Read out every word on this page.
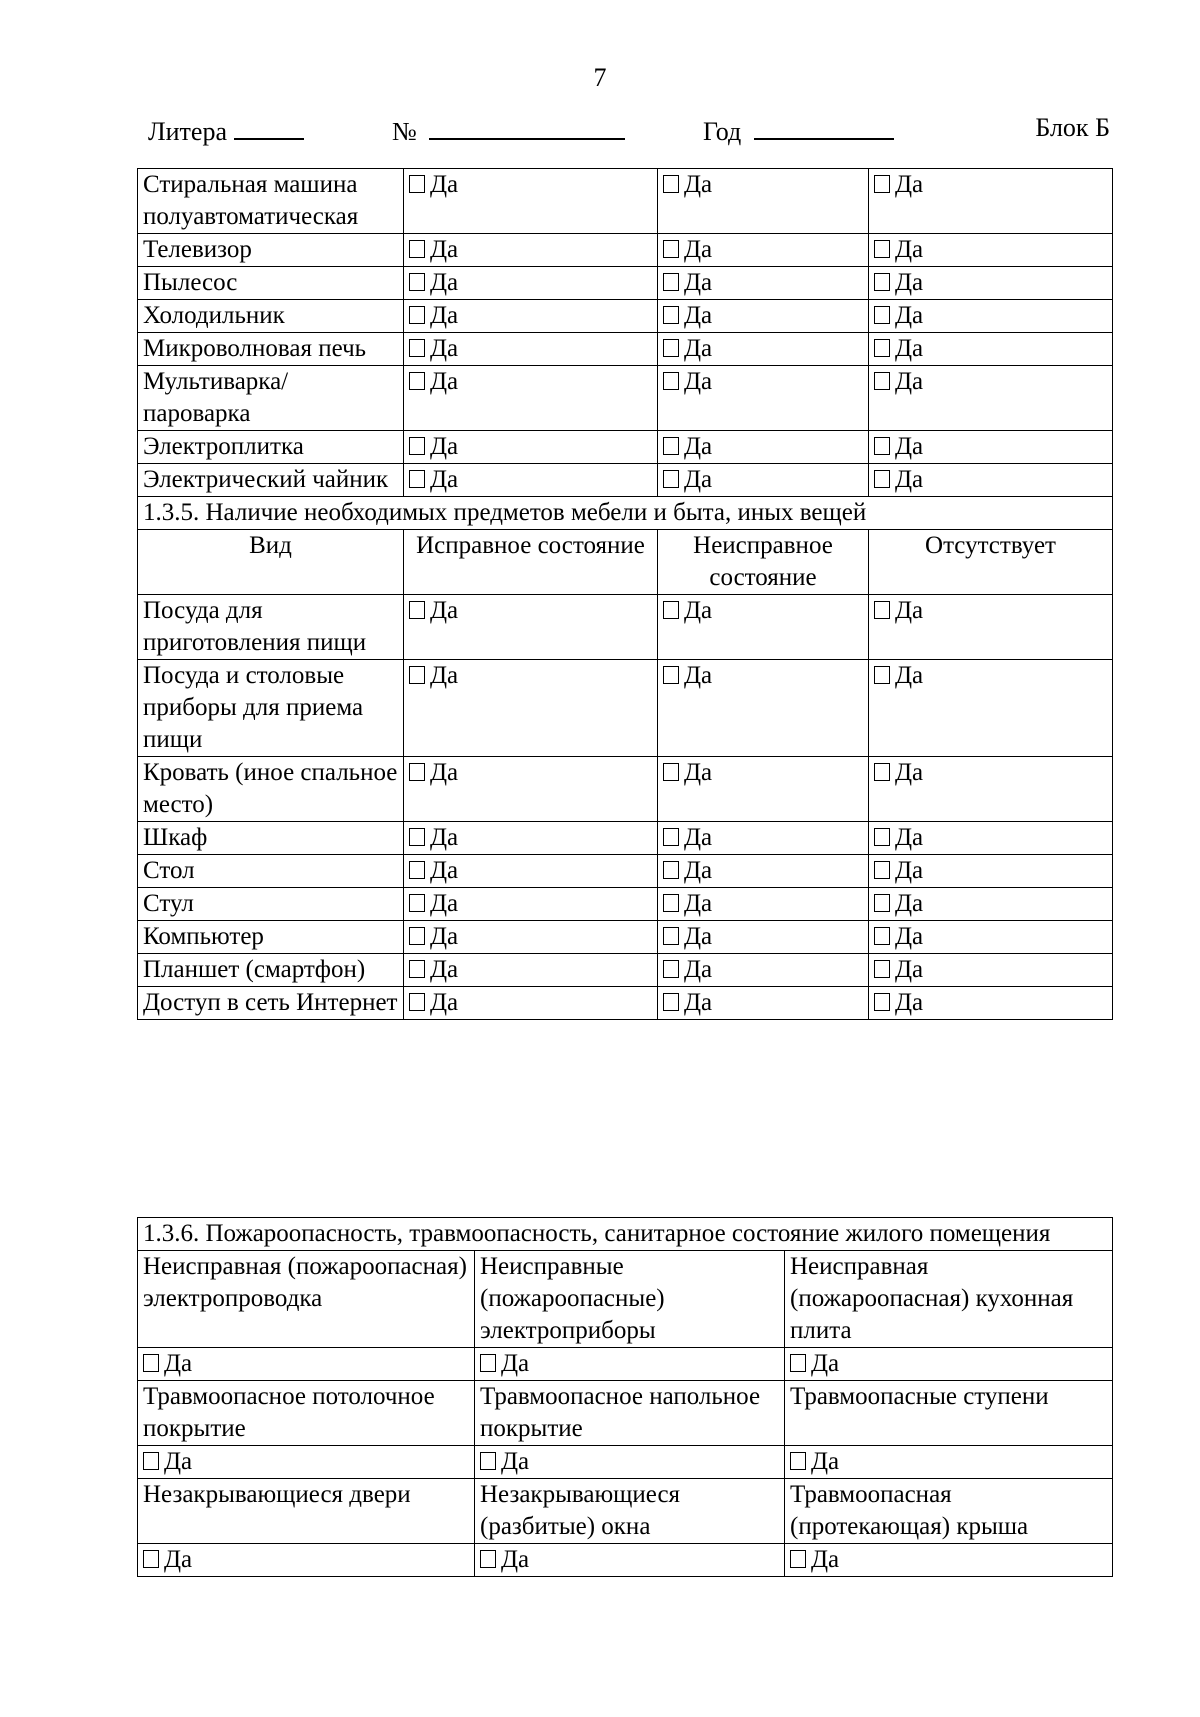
7
Литера	№	Год	Блок Б
Стиральная машина полуавтоматическая	Да	Да	Да
Телевизор	Да	Да	Да
Пылесос	Да	Да	Да
Холодильник	Да	Да	Да
Микроволновая печь	Да	Да	Да
Мультиварка/ пароварка	Да	Да	Да
Электроплитка	Да	Да	Да
Электрический чайник	Да	Да	Да
1.3.5. Наличие необходимых предметов мебели и быта, иных вещей			
Вид	Исправное состояние	Неисправное состояние	Отсутствует
Посуда для приготовления пищи	Да	Да	Да
Посуда и столовые приборы для приема пищи	Да	Да	Да
Кровать (иное спальное место)	Да	Да	Да
Шкаф	Да	Да	Да
Стол	Да	Да	Да
Стул	Да	Да	Да
Компьютер	Да	Да	Да
Планшет (смартфон)	Да	Да	Да
Доступ в сеть Интернет	Да	Да	Да
1.3.6. Пожароопасность, травмоопасность, санитарное состояние жилого помещения		
Неисправная (пожароопасная) электропроводка	Неисправные (пожароопасные) электроприборы	Неисправная (пожароопасная) кухонная плита
Да	Да	Да
Травмоопасное потолочное покрытие	Травмоопасное напольное покрытие	Травмоопасные ступени
Да	Да	Да
Незакрывающиеся двери	Незакрывающиеся (разбитые) окна	Травмоопасная (протекающая) крыша
Да	Да	Да
